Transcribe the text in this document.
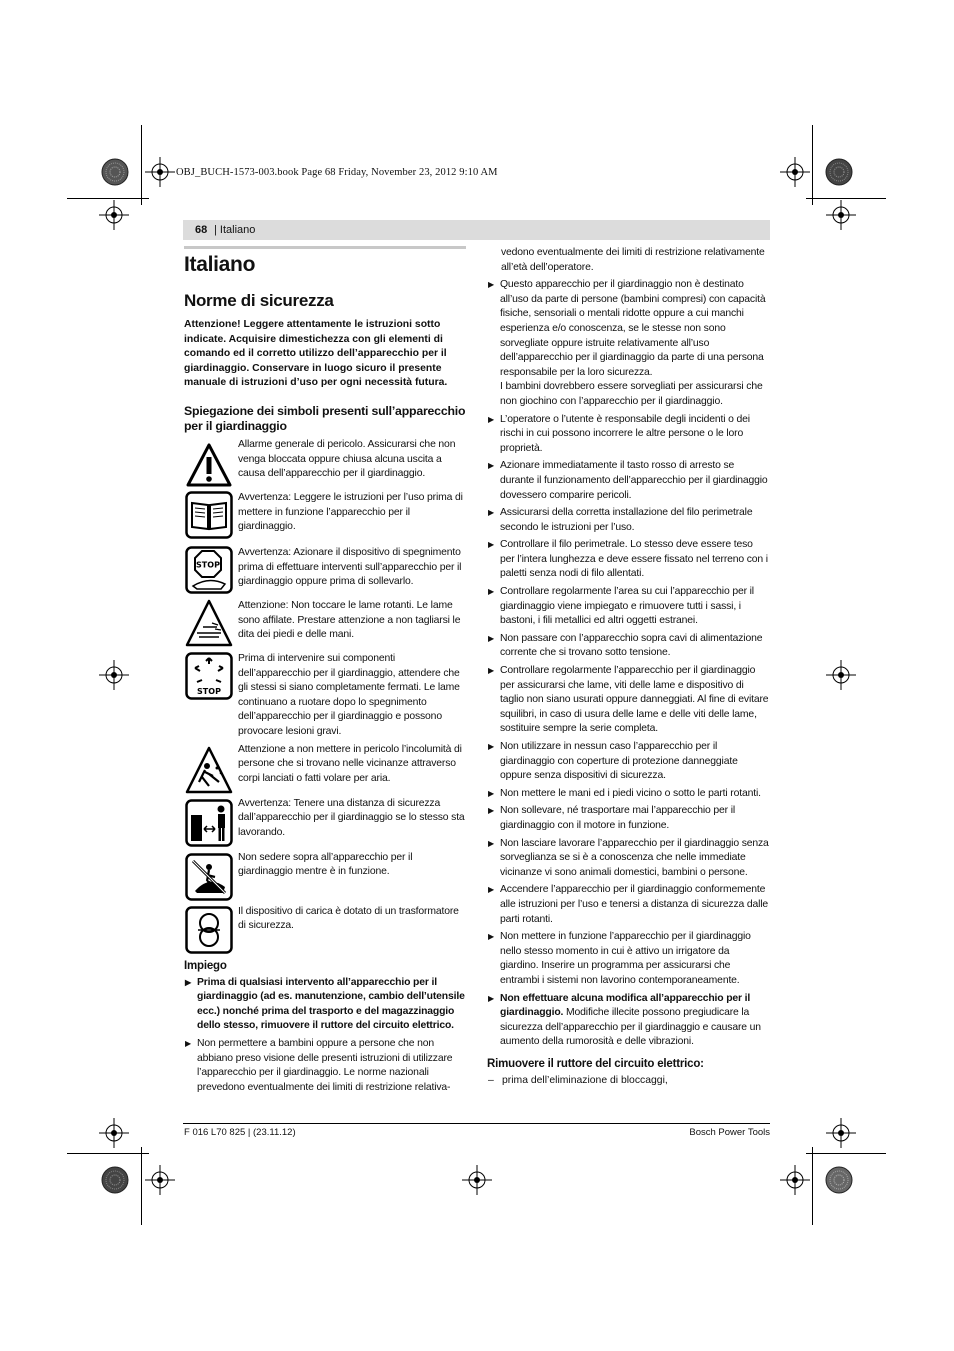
OBJ_BUCH-1573-003.book Page 68 Friday, November 23, 2012 9:10 AM
68 | Italiano
Italiano
Norme di sicurezza
Attenzione! Leggere attentamente le istruzioni sotto indicate. Acquisire dimestichezza con gli elementi di comando ed il corretto utilizzo dell’apparecchio per il giardinaggio. Conservare in luogo sicuro il presente manuale di istruzioni d’uso per ogni necessità futura.
Spiegazione dei simboli presenti sull’apparecchio per il giardinaggio
Allarme generale di pericolo. Assicurarsi che non venga bloccata oppure chiusa alcuna uscita a causa dell’apparecchio per il giardinaggio.
Avvertenza: Leggere le istruzioni per l’uso prima di mettere in funzione l’apparecchio per il giardinaggio.
STOP
Avvertenza: Azionare il dispositivo di spegnimento prima di effettuare interventi sull’apparecchio per il giardinaggio oppure prima di sollevarlo.
Attenzione: Non toccare le lame rotanti. Le lame sono affilate. Prestare attenzione a non tagliarsi le dita dei piedi e delle mani.
STOP
Prima di intervenire sui componenti dell’apparecchio per il giardinaggio, attendere che gli stessi si siano completamente fermati. Le lame continuano a ruotare dopo lo spegnimento dell’apparecchio per il giardinaggio e possono provocare lesioni gravi.
Attenzione a non mettere in pericolo l’incolumità di persone che si trovano nelle vicinanze attraverso corpi lanciati o fatti volare per aria.
Avvertenza: Tenere una distanza di sicurezza dall’apparecchio per il giardinaggio se lo stesso sta lavorando.
Non sedere sopra all’apparecchio per il giardinaggio mentre è in funzione.
Il dispositivo di carica è dotato di un trasformatore di sicurezza.
Impiego
▶ Prima di qualsiasi intervento all’apparecchio per il giardinaggio (ad es. manutenzione, cambio dell’utensile ecc.) nonché prima del trasporto e del magazzinaggio dello stesso, rimuovere il ruttore del circuito elettrico.
▶ Non permettere a bambini oppure a persone che non abbiano preso visione delle presenti istruzioni di utilizzare l’apparecchio per il giardinaggio. Le norme nazionali prevedono eventualmente dei limiti di restrizione relativa-
vedono eventualmente dei limiti di restrizione relativamente all’età dell’operatore.
▶ Questo apparecchio per il giardinaggio non è destinato all’uso da parte di persone (bambini compresi) con capacità fisiche, sensoriali o mentali ridotte oppure a cui manchi esperienza e/o conoscenza, se le stesse non sono sorvegliate oppure istruite relativamente all’uso dell’apparecchio per il giardinaggio da parte di una persona responsabile per la loro sicurezza.
I bambini dovrebbero essere sorvegliati per assicurarsi che non giochino con l’apparecchio per il giardinaggio.
▶ L’operatore o l’utente è responsabile degli incidenti o dei rischi in cui possono incorrere le altre persone o le loro proprietà.
▶ Azionare immediatamente il tasto rosso di arresto se durante il funzionamento dell’apparecchio per il giardinaggio dovessero comparire pericoli.
▶ Assicurarsi della corretta installazione del filo perimetrale secondo le istruzioni per l’uso.
▶ Controllare il filo perimetrale. Lo stesso deve essere teso per l’intera lunghezza e deve essere fissato nel terreno con i paletti senza nodi di filo allentati.
▶ Controllare regolarmente l’area su cui l’apparecchio per il giardinaggio viene impiegato e rimuovere tutti i sassi, i bastoni, i fili metallici ed altri oggetti estranei.
▶ Non passare con l’apparecchio sopra cavi di alimentazione corrente che si trovano sotto tensione.
▶ Controllare regolarmente l’apparecchio per il giardinaggio per assicurarsi che lame, viti delle lame e dispositivo di taglio non siano usurati oppure danneggiati. Al fine di evitare squilibri, in caso di usura delle lame e delle viti delle lame, sostituire sempre la serie completa.
▶ Non utilizzare in nessun caso l’apparecchio per il giardinaggio con coperture di protezione danneggiate oppure senza dispositivi di sicurezza.
▶ Non mettere le mani ed i piedi vicino o sotto le parti rotanti.
▶ Non sollevare, né trasportare mai l’apparecchio per il giardinaggio con il motore in funzione.
▶ Non lasciare lavorare l’apparecchio per il giardinaggio senza sorveglianza se si è a conoscenza che nelle immediate vicinanze vi sono animali domestici, bambini o persone.
▶ Accendere l’apparecchio per il giardinaggio conformemente alle istruzioni per l’uso e tenersi a distanza di sicurezza dalle parti rotanti.
▶ Non mettere in funzione l’apparecchio per il giardinaggio nello stesso momento in cui è attivo un irrigatore da giardino. Inserire un programma per assicurarsi che entrambi i sistemi non lavorino contemporaneamente.
▶ Non effettuare alcuna modifica all’apparecchio per il giardinaggio. Modifiche illecite possono pregiudicare la sicurezza dell’apparecchio per il giardinaggio e causare un aumento della rumorosità e delle vibrazioni.
Rimuovere il ruttore del circuito elettrico:
– prima dell’eliminazione di bloccaggi,
F 016 L70 825 | (23.11.12)	Bosch Power Tools
